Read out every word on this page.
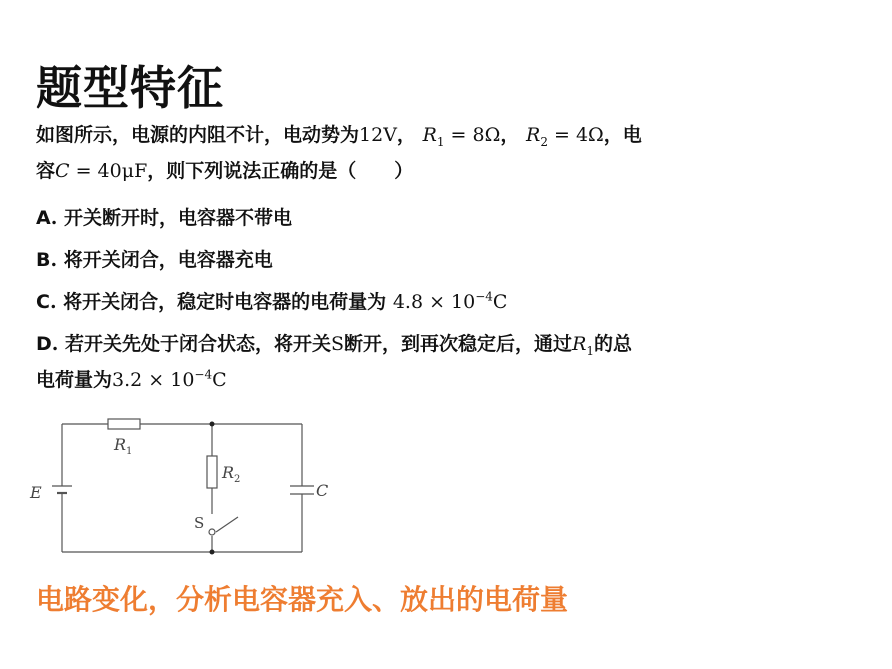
题型特征
如图所示，电源的内阻不计，电动势为12V， $R_1 = 8\Omega$， $R_2 = 4\Omega$，电
容C = 40μF，则下列说法正确的是（　　）
A. 开关断开时，电容器不带电
B. 将开关闭合，电容器充电
C. 将开关闭合，稳定时电容器的电荷量为 $4.8 \times 10^{-4}C$
D. 若开关先处于闭合状态，将开关S断开，到再次稳定后，通过$R_1$的总
电荷量为$3.2 \times 10^{-4}C$
E
R 1
R 2
C
S
电路变化，分析电容器充入、放出的电荷量
